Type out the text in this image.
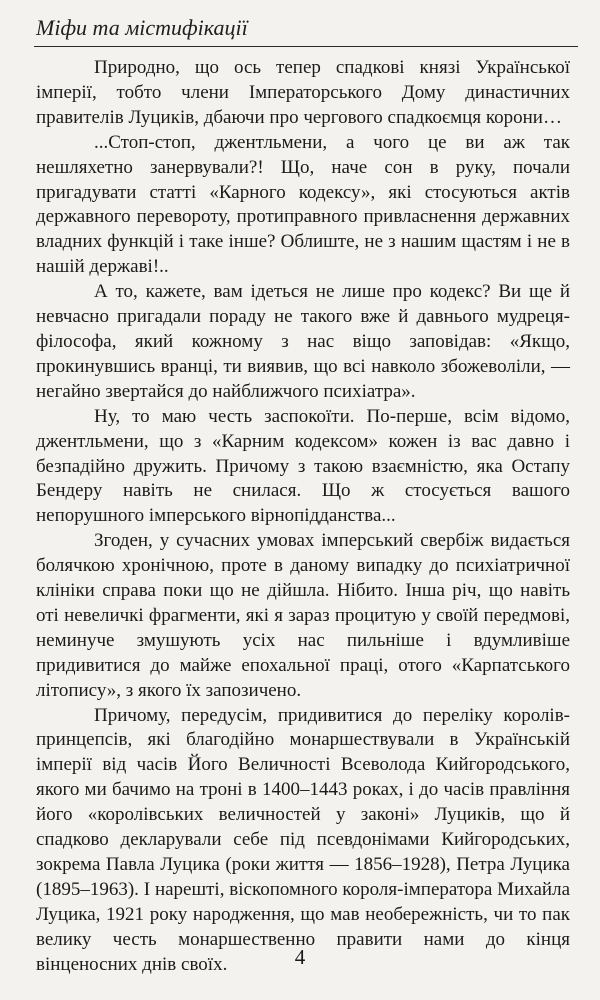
Міфи та містифікації

Природно, що ось тепер спадкові князі Української імперії, тобто члени Імператорського Дому династичних правителів Луциків, дбаючи про чергового спадкоємця корони…

...Стоп-стоп, джентльмени, а чого це ви аж так нешляхетно занервували?! Що, наче сон в руку, почали пригадувати статті «Карного кодексу», які стосуються актів державного перевороту, протиправного привласнення державних владних функцій і таке інше? Облиште, не з нашим щастям і не в нашій державі!..

А то, кажете, вам ідеться не лише про кодекс? Ви ще й невчасно пригадали пораду не такого вже й давнього мудреця-філософа, який кожному з нас віщо заповідав: «Якщо, прокинувшись вранці, ти виявив, що всі навколо збожеволіли, — негайно звертайся до найближчого психіатра».

Ну, то маю честь заспокоїти. По-перше, всім відомо, джентльмени, що з «Карним кодексом» кожен із вас давно і безпадійно дружить. Причому з такою взаємністю, яка Остапу Бендеру навіть не снилася. Що ж стосується вашого непорушного імперського вірнопідданства...

Згоден, у сучасних умовах імперський свербіж видається болячкою хронічною, проте в даному випадку до психіатричної клініки справа поки що не дійшла. Нібито. Інша річ, що навіть оті невеличкі фрагменти, які я зараз процитую у своїй передмові, неминуче змушують усіх нас пильніше і вдумливіше придивитися до майже епохальної праці, отого «Карпатського літопису», з якого їх запозичено.

Причому, передусім, придивитися до переліку королів-принцепсів, які благодійно монаршествували в Українській імперії від часів Його Величності Всеволода Кийгородського, якого ми бачимо на троні в 1400–1443 роках, і до часів правління його «королівських величностей у законі» Луциків, що й спадково декларували себе під псевдонімами Кийгородських, зокрема Павла Луцика (роки життя — 1856–1928), Петра Луцика (1895–1963). І нарешті, віскопомного короля-імператора Михайла Луцика, 1921 року народження, що мав необережність, чи то пак велику честь монаршественно правити нами до кінця вінценосних днів своїх.	4
